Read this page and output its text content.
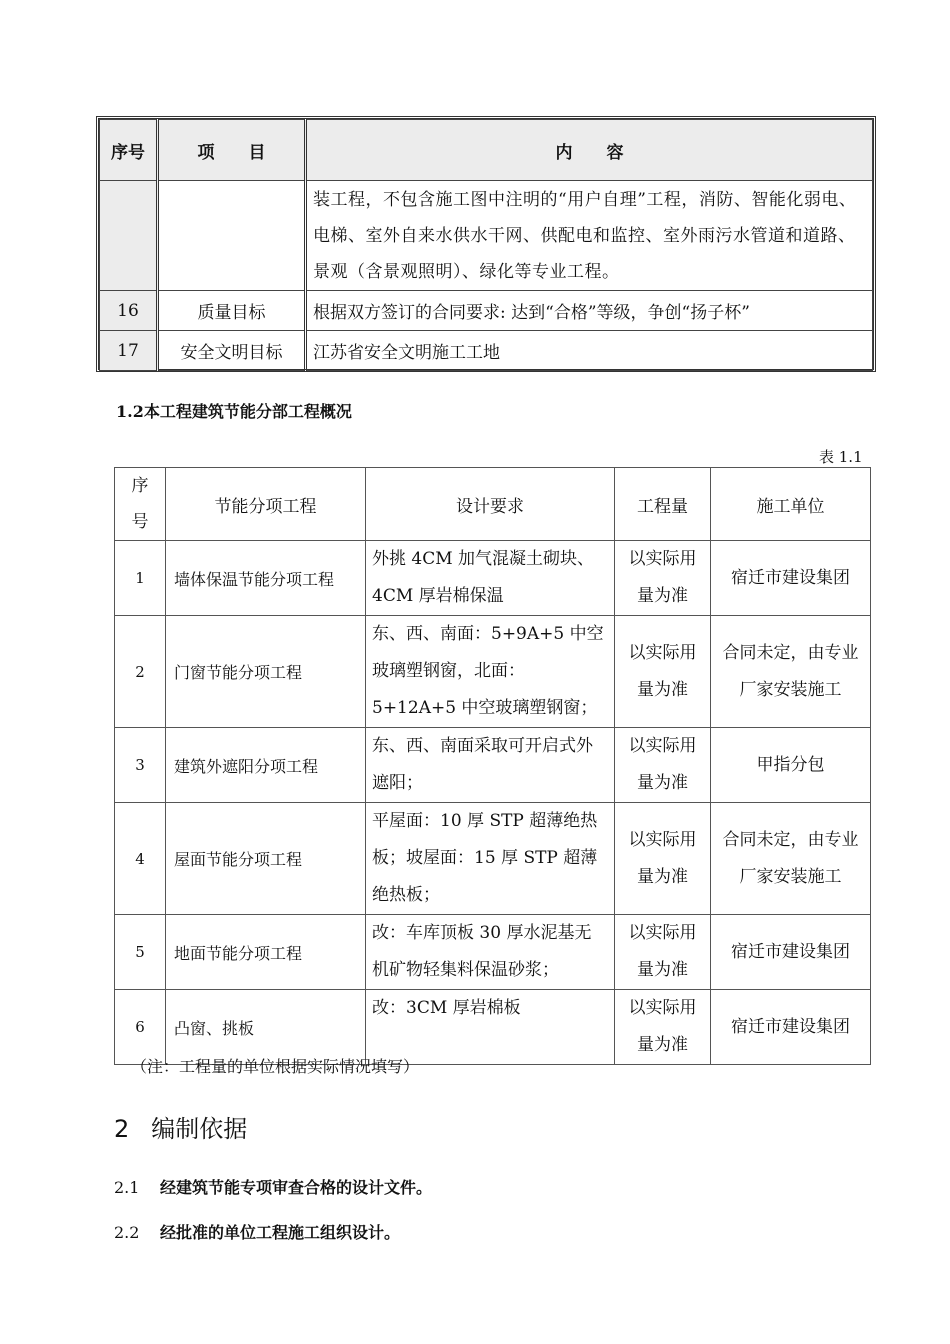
序号	项　　目	内　　容
		装工程，不包含施工图中注明的“用户自理”工程，消防、智能化弱电、电梯、室外自来水供水干网、供配电和监控、室外雨污水管道和道路、景观（含景观照明）、绿化等专业工程。
16	质量目标	根据双方签订的合同要求: 达到“合格”等级，争创“扬子杯”
17	安全文明目标	江苏省安全文明施工工地
1.2本工程建筑节能分部工程概况
表 1.1
序号	节能分项工程	设计要求	工程量	施工单位
1	墙体保温节能分项工程	外挑 4CM 加气混凝土砌块、4CM 厚岩棉保温	以实际用量为准	宿迁市建设集团
2	门窗节能分项工程	东、西、南面：5+9A+5 中空玻璃塑钢窗，北面：5+12A+5 中空玻璃塑钢窗；	以实际用量为准	合同未定，由专业厂家安装施工
3	建筑外遮阳分项工程	东、西、南面采取可开启式外遮阳；	以实际用量为准	甲指分包
4	屋面节能分项工程	平屋面：10 厚 STP 超薄绝热板；坡屋面：15 厚 STP 超薄绝热板；	以实际用量为准	合同未定，由专业厂家安装施工
5	地面节能分项工程	改：车库顶板 30 厚水泥基无机矿物轻集料保温砂浆；	以实际用量为准	宿迁市建设集团
6	凸窗、挑板	改：3CM 厚岩棉板	以实际用量为准	宿迁市建设集团
（注：工程量的单位根据实际情况填写）
2 编制依据
2.1 经建筑节能专项审查合格的设计文件。
2.2 经批准的单位工程施工组织设计。
